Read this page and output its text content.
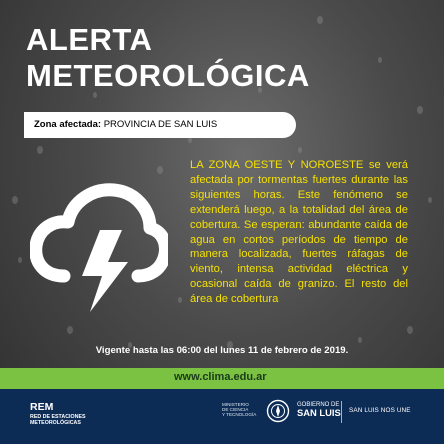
ALERTA
METEOROLÓGICA
Zona afectada: PROVINCIA DE SAN LUIS
LA ZONA OESTE Y NOROESTE se verá afectada por tormentas fuertes durante las siguientes horas. Este fenómeno se extenderá luego, a la totalidad del área de cobertura. Se esperan: abundante caída de agua en cortos períodos de tiempo de manera localizada, fuertes ráfagas de viento, intensa actividad eléctrica y ocasional caída de granizo. El resto del área de cobertura
Vigente hasta las 06:00 del lunes 11 de febrero de 2019.
www.clima.edu.ar
REM
RED DE ESTACIONES
METEOROLÓGICAS
MINISTERIO
DE CIENCIA
Y TECNOLOGÍA
GOBIERNO DE
SAN LUIS SAN LUIS NOS UNE
